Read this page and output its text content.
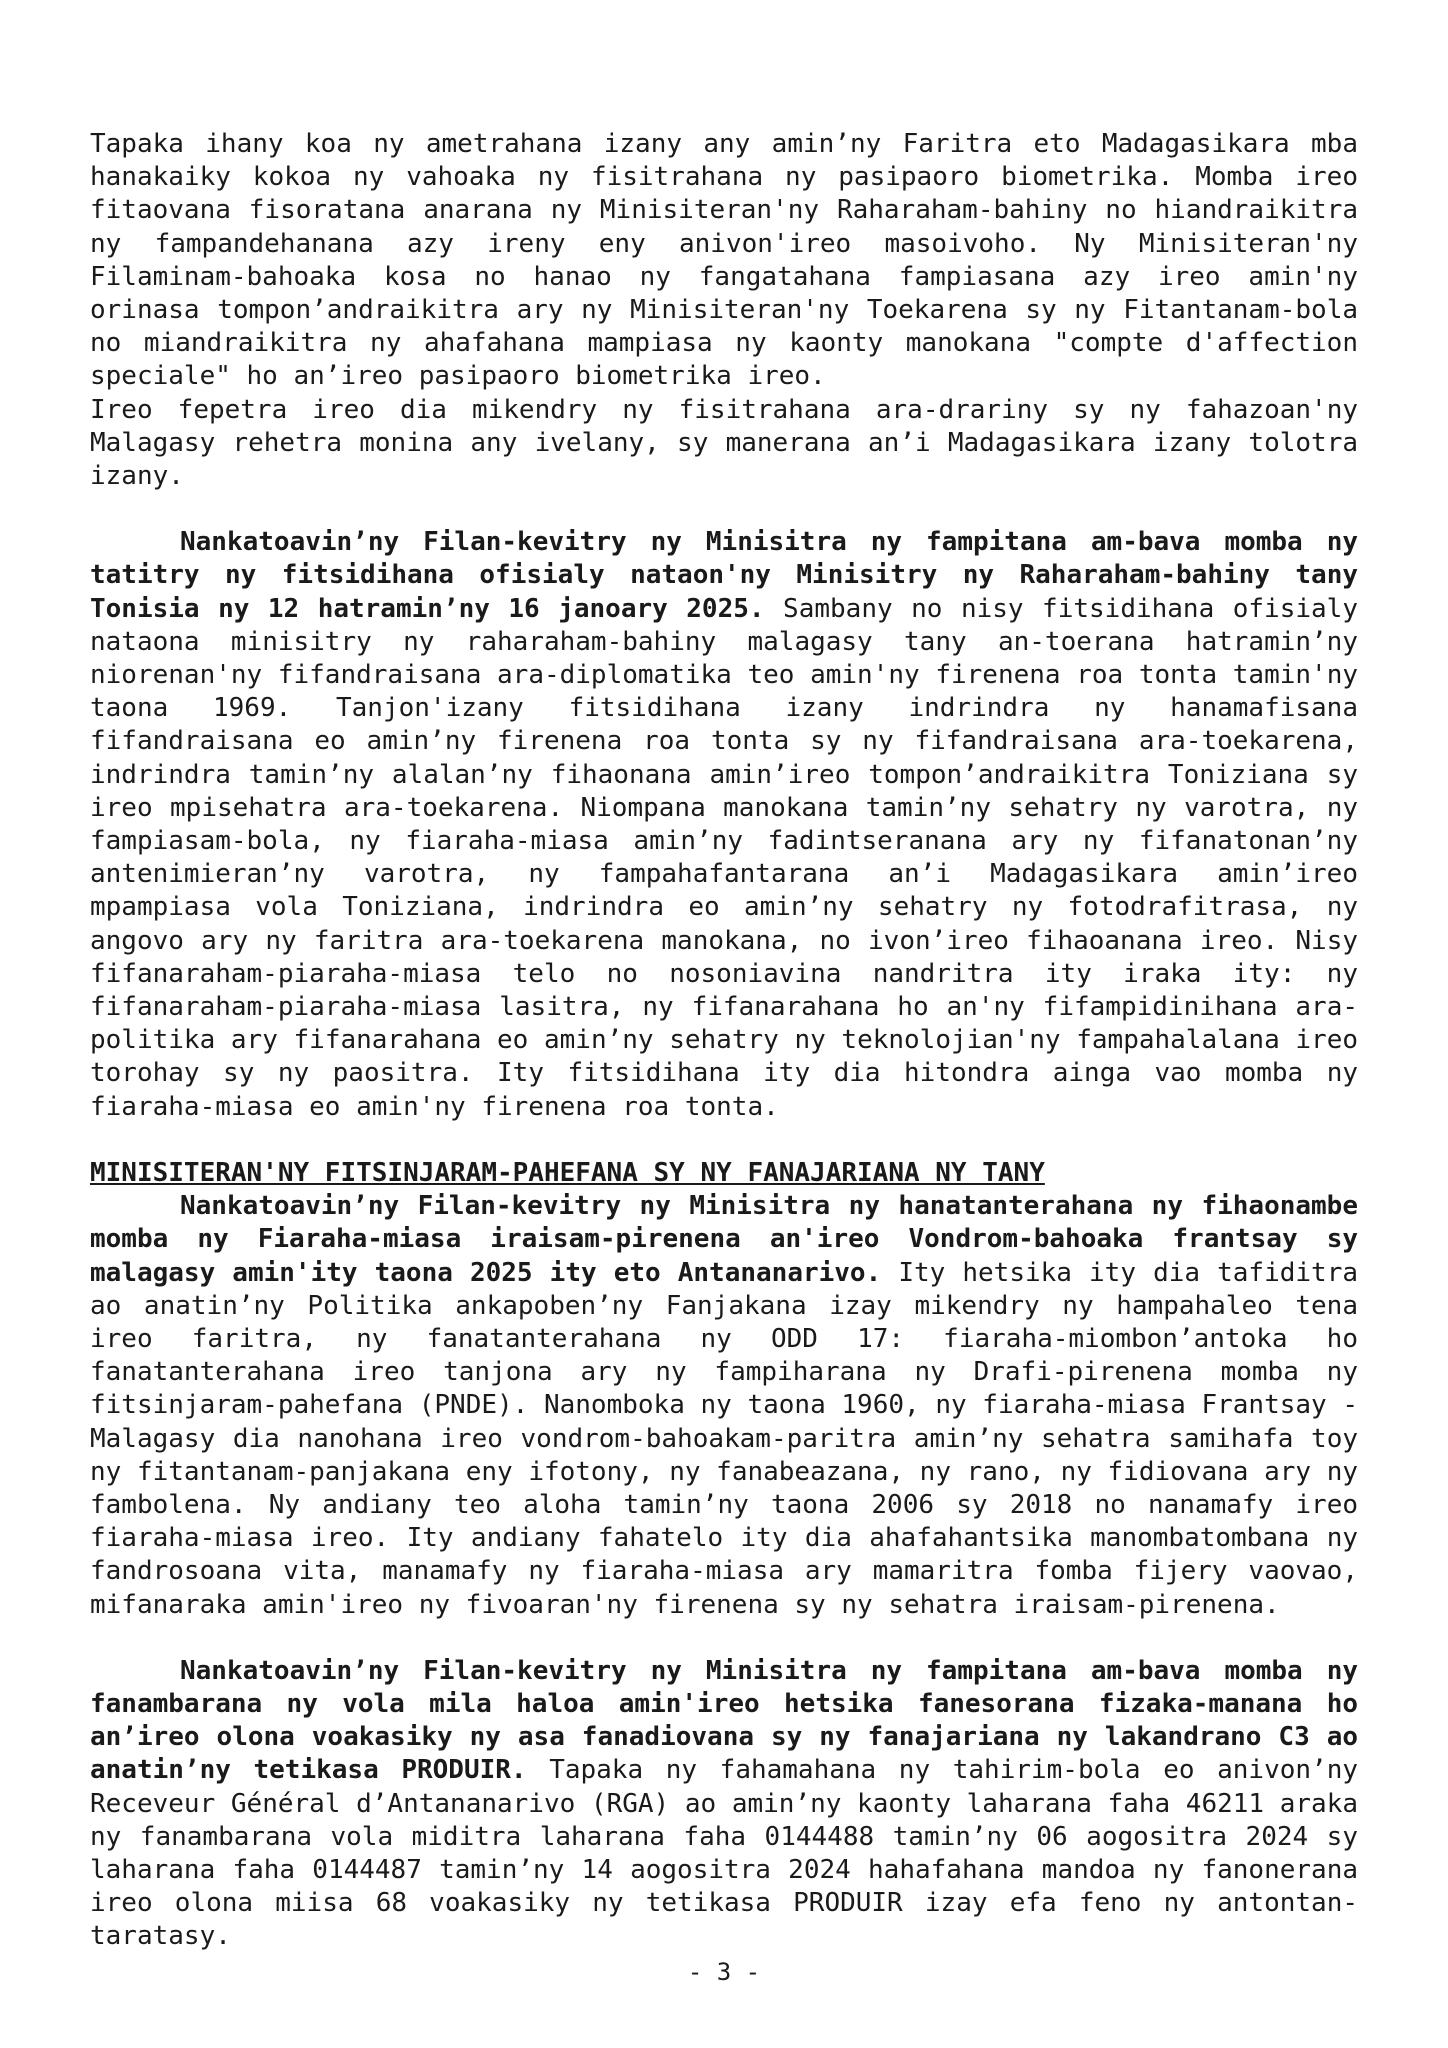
Tapaka ihany koa ny ametrahana izany any amin’ny Faritra eto Madagasikara mba hanakaiky kokoa ny vahoaka ny fisitrahana ny pasipaoro biometrika. Momba ireo fitaovana fisoratana anarana ny Minisiteran'ny Raharaham-bahiny no hiandraikitra ny fampandehanana azy ireny eny anivon'ireo masoivoho. Ny Minisiteran'ny Filaminam-bahoaka kosa no hanao ny fangatahana fampiasana azy ireo amin'ny orinasa tompon’andraikitra ary ny Minisiteran'ny Toekarena sy ny Fitantanam-bola no miandraikitra ny ahafahana mampiasa ny kaonty manokana "compte d'affection speciale" ho an’ireo pasipaoro biometrika ireo.

Ireo fepetra ireo dia mikendry ny fisitrahana ara-drariny sy ny fahazoan'ny Malagasy rehetra monina any ivelany, sy manerana an’i Madagasikara izany tolotra izany.

Nankatoavin’ny Filan-kevitry ny Minisitra ny fampitana am-bava momba ny tatitry ny fitsidihana ofisialy nataon'ny Minisitry ny Raharaham-bahiny tany Tonisia ny 12 hatramin’ny 16 janoary 2025. Sambany no nisy fitsidihana ofisialy nataona minisitry ny raharaham-bahiny malagasy tany an-toerana hatramin’ny niorenan'ny fifandraisana ara-diplomatika teo amin'ny firenena roa tonta tamin'ny taona 1969. Tanjon'izany fitsidihana izany indrindra ny hanamafisana fifandraisana eo amin’ny firenena roa tonta sy ny fifandraisana ara-toekarena, indrindra tamin’ny alalan’ny fihaonana amin’ireo tompon’andraikitra Toniziana sy ireo mpisehatra ara-toekarena. Niompana manokana tamin’ny sehatry ny varotra, ny fampiasam-bola, ny fiaraha-miasa amin’ny fadintseranana ary ny fifanatonan’ny antenimieran’ny varotra, ny fampahafantarana an’i Madagasikara amin’ireo mpampiasa vola Toniziana, indrindra eo amin’ny sehatry ny fotodrafitrasa, ny angovo ary ny faritra ara-toekarena manokana, no ivon’ireo fihaoanana ireo. Nisy fifanaraham-piaraha-miasa telo no nosoniavina nandritra ity iraka ity: ny fifanaraham-piaraha-miasa lasitra, ny fifanarahana ho an'ny fifampidinihana ara-politika ary fifanarahana eo amin’ny sehatry ny teknolojian'ny fampahalalana ireo torohay sy ny paositra. Ity fitsidihana ity dia hitondra ainga vao momba ny fiaraha-miasa eo amin'ny firenena roa tonta.

MINISITERAN'NY FITSINJARAM-PAHEFANA SY NY FANAJARIANA NY TANY

Nankatoavin’ny Filan-kevitry ny Minisitra ny hanatanterahana ny fihaonambe momba ny Fiaraha-miasa iraisam-pirenena an'ireo Vondrom-bahoaka frantsay sy malagasy amin'ity taona 2025 ity eto Antananarivo. Ity hetsika ity dia tafiditra ao anatin’ny Politika ankapoben’ny Fanjakana izay mikendry ny hampahaleo tena ireo faritra, ny fanatanterahana ny ODD 17: fiaraha-miombon’antoka ho fanatanterahana ireo tanjona ary ny fampiharana ny Drafi-pirenena momba ny fitsinjaram-pahefana (PNDE). Nanomboka ny taona 1960, ny fiaraha-miasa Frantsay - Malagasy dia nanohana ireo vondrom-bahoakam-paritra amin’ny sehatra samihafa toy ny fitantanam-panjakana eny ifotony, ny fanabeazana, ny rano, ny fidiovana ary ny fambolena. Ny andiany teo aloha tamin’ny taona 2006 sy 2018 no nanamafy ireo fiaraha-miasa ireo. Ity andiany fahatelo ity dia ahafahantsika manombatombana ny fandrosoana vita, manamafy ny fiaraha-miasa ary mamaritra fomba fijery vaovao, mifanaraka amin'ireo ny fivoaran'ny firenena sy ny sehatra iraisam-pirenena.

Nankatoavin’ny Filan-kevitry ny Minisitra ny fampitana am-bava momba ny fanambarana ny vola mila haloa amin'ireo hetsika fanesorana fizaka-manana ho an’ireo olona voakasiky ny asa fanadiovana sy ny fanajariana ny lakandrano C3 ao anatin’ny tetikasa PRODUIR. Tapaka ny fahamahana ny tahirim-bola eo anivon’ny Receveur Général d’Antananarivo (RGA) ao amin’ny kaonty laharana faha 46211 araka ny fanambarana vola miditra laharana faha 0144488 tamin’ny 06 aogositra 2024 sy laharana faha 0144487 tamin’ny 14 aogositra 2024 hahafahana mandoa ny fanonerana ireo olona miisa 68 voakasiky ny tetikasa PRODUIR izay efa feno ny antontan-taratasy.

- 3 -
